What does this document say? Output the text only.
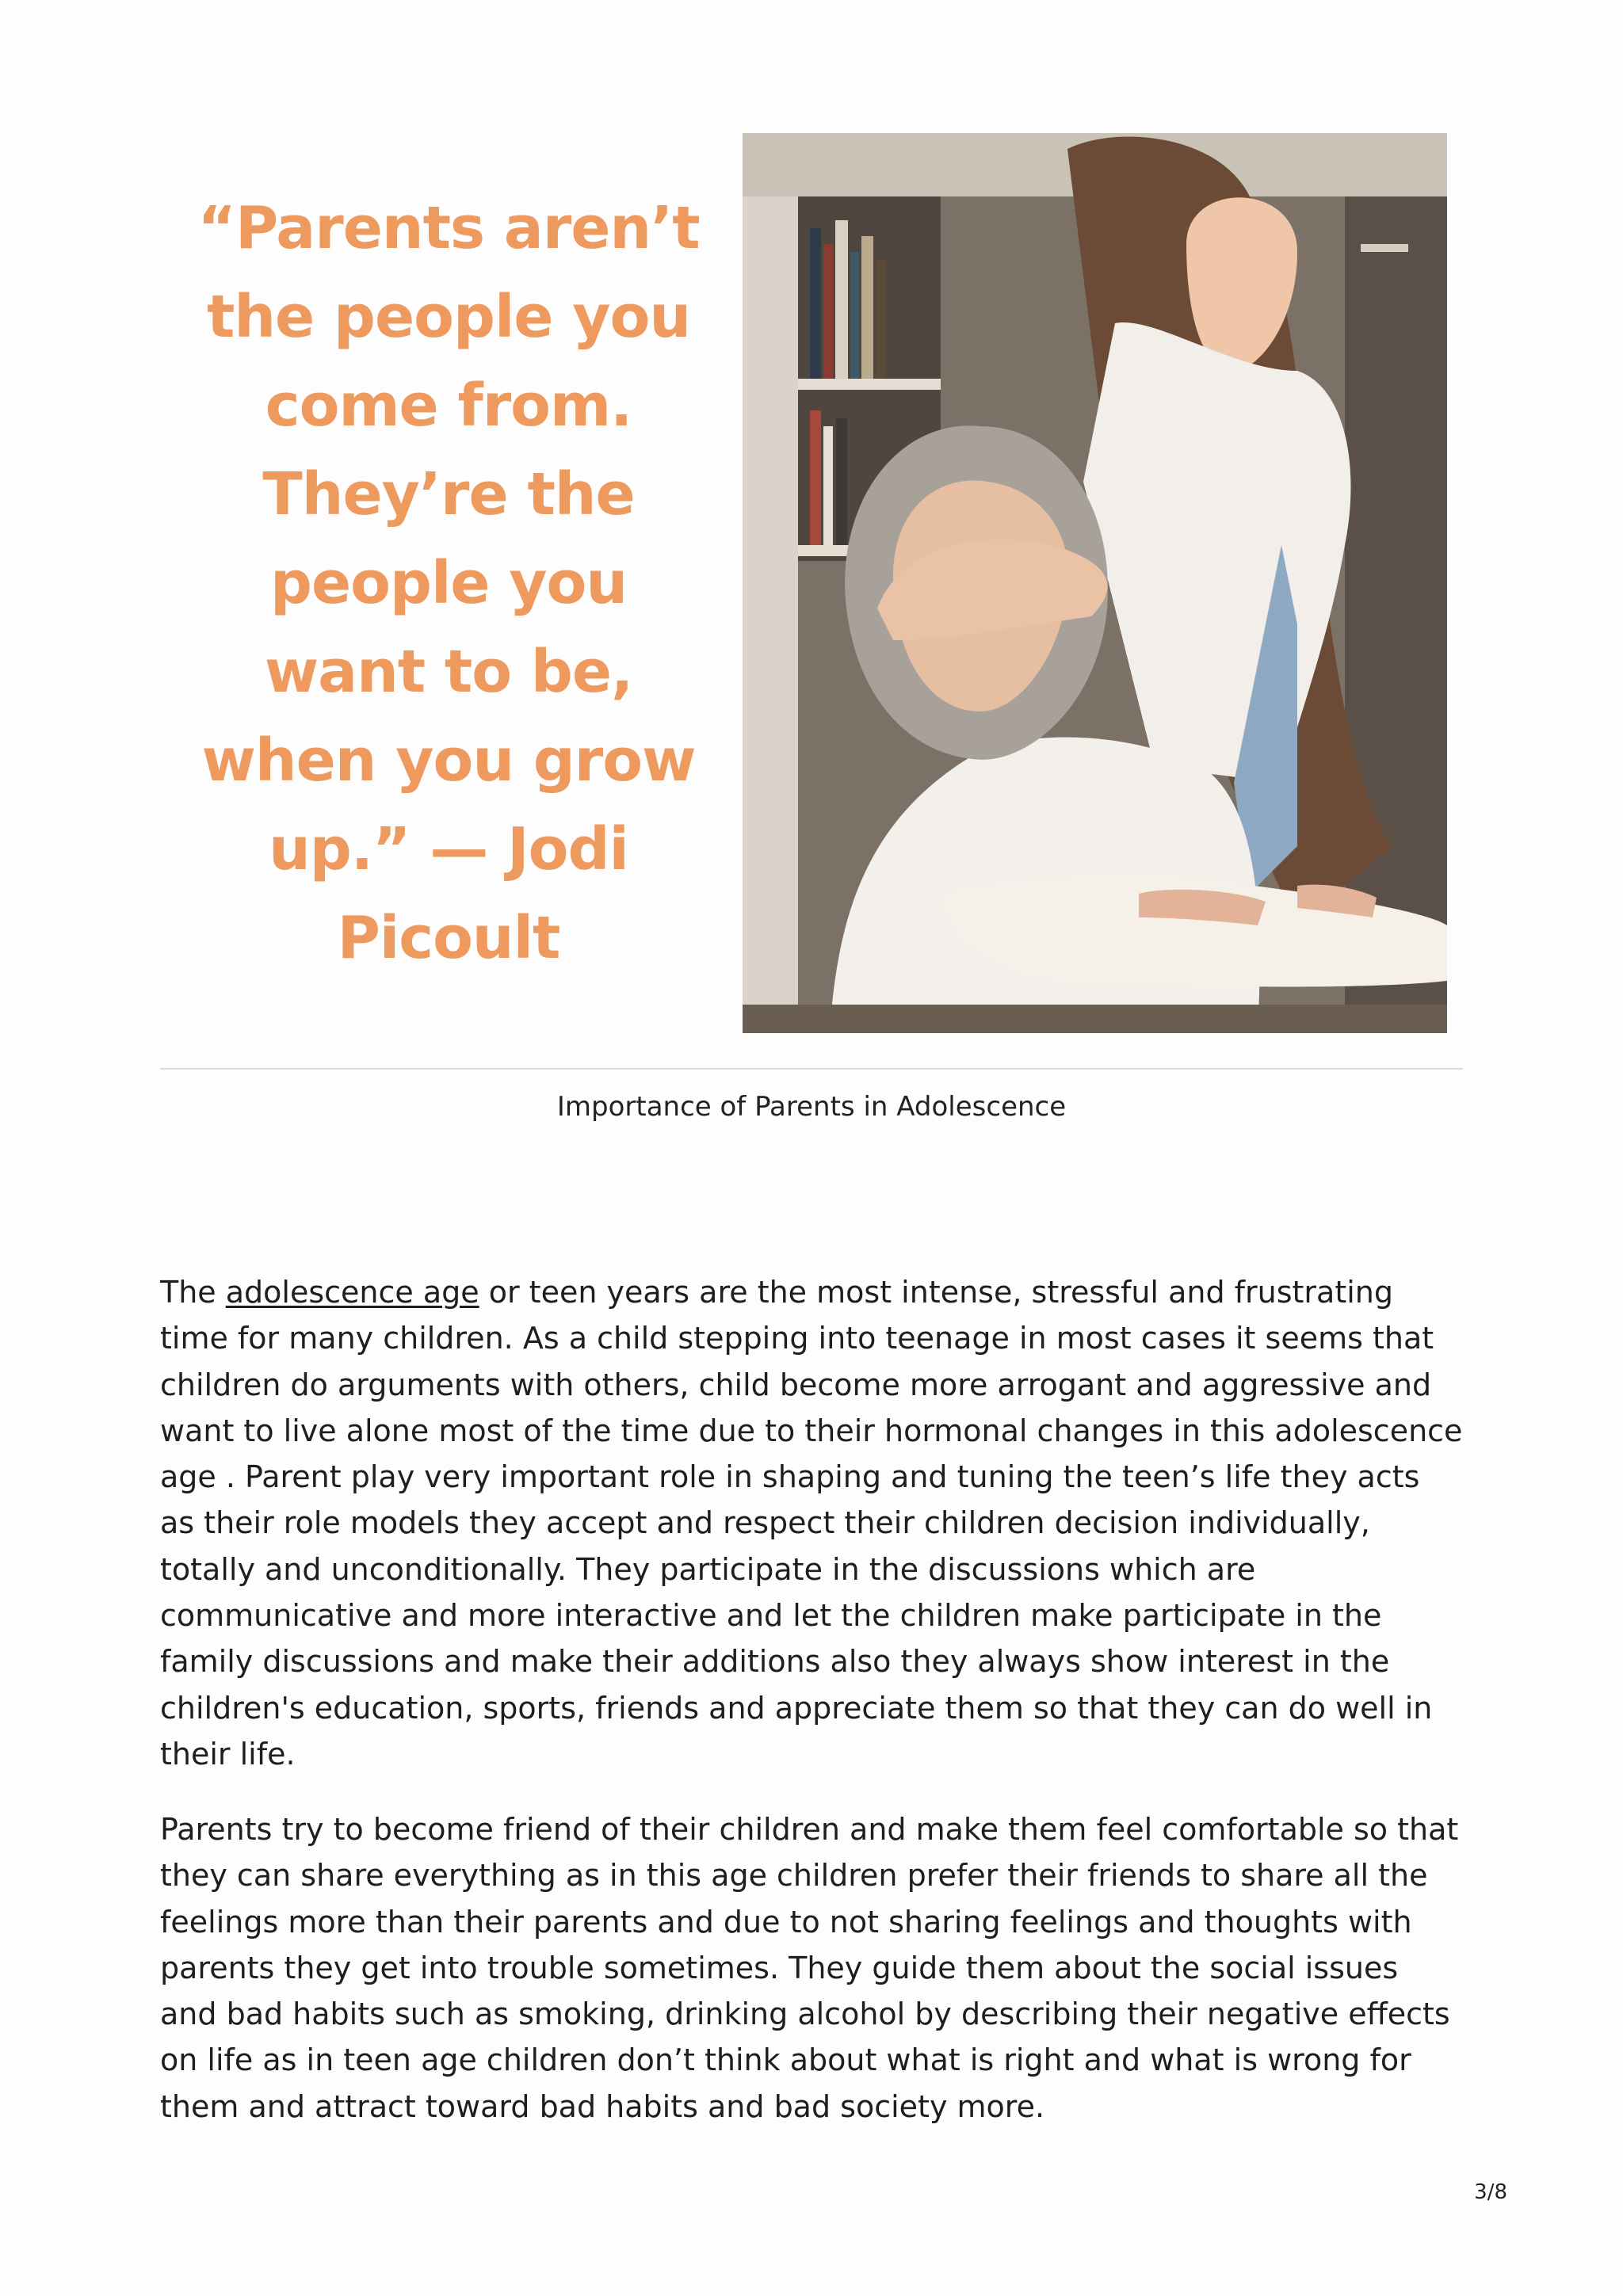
“Parents aren’t the people you come from. They’re the people you want to be, when you grow up.” — Jodi Picoult
Importance of Parents in Adolescence

The adolescence age or teen years are the most intense, stressful and frustrating time for many children. As a child stepping into teenage in most cases it seems that children do arguments with others, child become more arrogant and aggressive and want to live alone most of the time due to their hormonal changes in this adolescence age . Parent play very important role in shaping and tuning the teen’s life they acts as their role models they accept and respect their children decision individually, totally and unconditionally. They participate in the discussions which are communicative and more interactive and let the children make participate in the family discussions and make their additions also they always show interest in the children's education, sports, friends and appreciate them so that they can do well in their life.

Parents try to become friend of their children and make them feel comfortable so that they can share everything as in this age children prefer their friends to share all the feelings more than their parents and due to not sharing feelings and thoughts with parents they get into trouble sometimes. They guide them about the social issues and bad habits such as smoking, drinking alcohol by describing their negative effects on life as in teen age children don’t think about what is right and what is wrong for them and attract toward bad habits and bad society more.

3/8
